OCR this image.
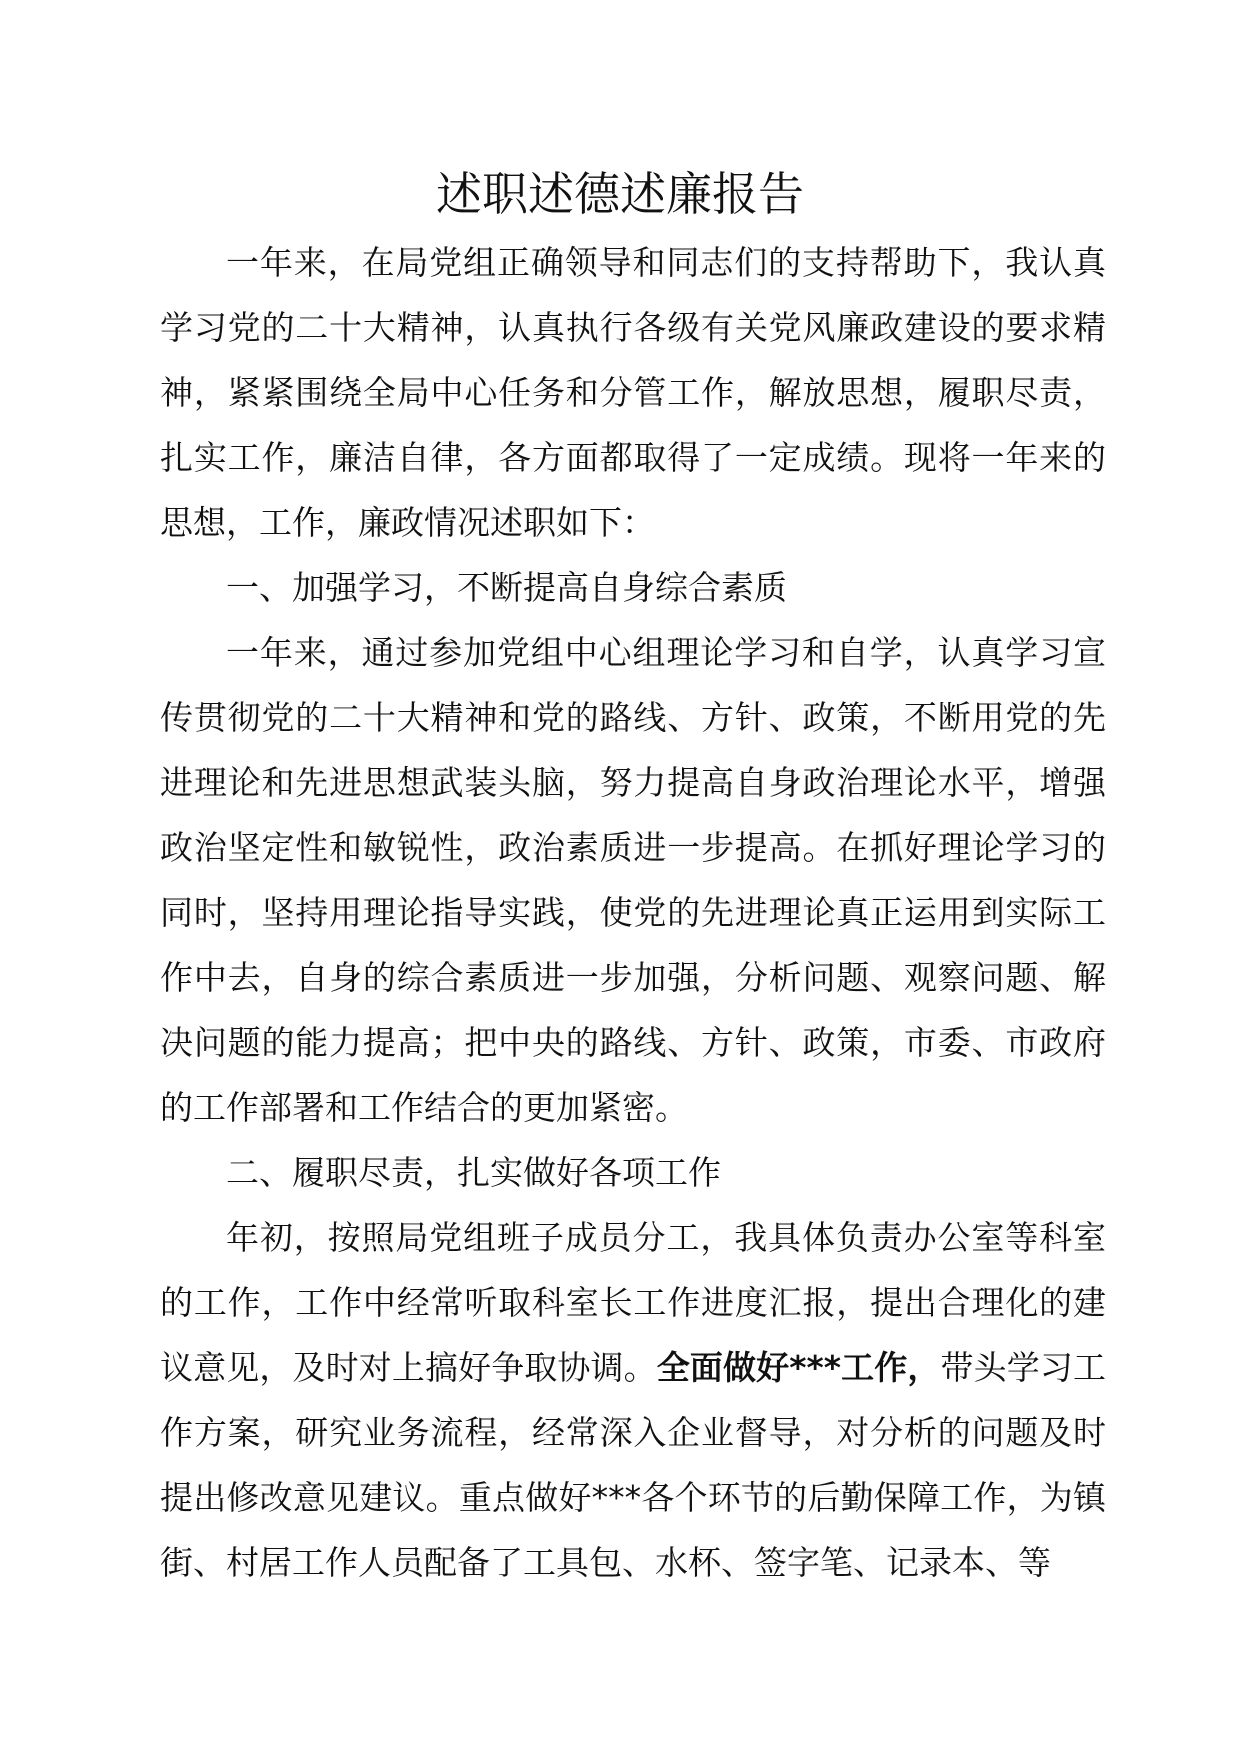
述职述德述廉报告

一年来，在局党组正确领导和同志们的支持帮助下，我认真学习党的二十大精神，认真执行各级有关党风廉政建设的要求精神，紧紧围绕全局中心任务和分管工作，解放思想，履职尽责，扎实工作，廉洁自律，各方面都取得了一定成绩。现将一年来的思想，工作，廉政情况述职如下：

一、加强学习，不断提高自身综合素质

一年来，通过参加党组中心组理论学习和自学，认真学习宣传贯彻党的二十大精神和党的路线、方针、政策，不断用党的先进理论和先进思想武装头脑，努力提高自身政治理论水平，增强政治坚定性和敏锐性，政治素质进一步提高。在抓好理论学习的同时，坚持用理论指导实践，使党的先进理论真正运用到实际工作中去，自身的综合素质进一步加强，分析问题、观察问题、解决问题的能力提高；把中央的路线、方针、政策，市委、市政府的工作部署和工作结合的更加紧密。

二、履职尽责，扎实做好各项工作

年初，按照局党组班子成员分工，我具体负责办公室等科室的工作，工作中经常听取科室长工作进度汇报，提出合理化的建议意见，及时对上搞好争取协调。全面做好***工作，带头学习工作方案，研究业务流程，经常深入企业督导，对分析的问题及时提出修改意见建议。重点做好***各个环节的后勤保障工作，为镇街、村居工作人员配备了工具包、水杯、签字笔、记录本、等
